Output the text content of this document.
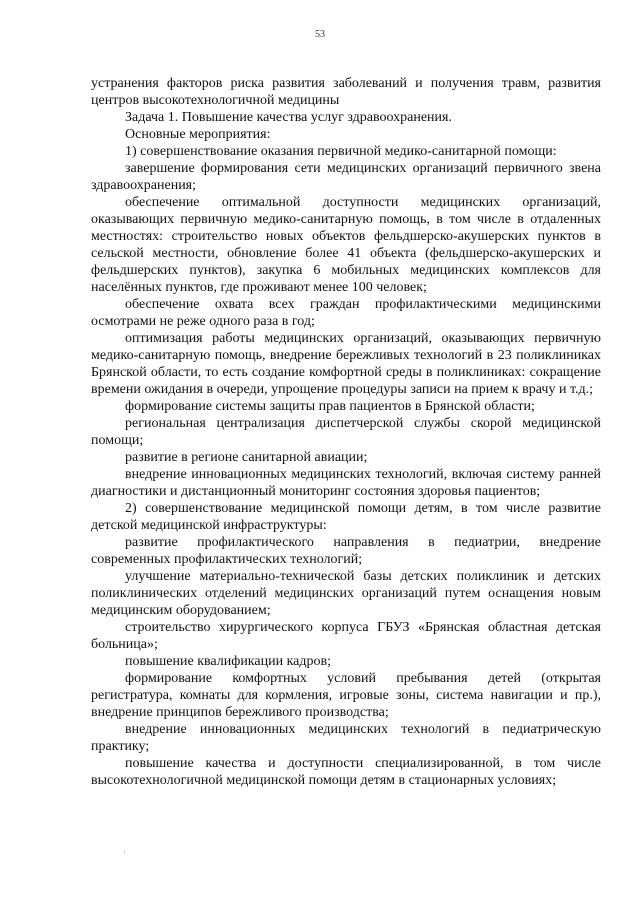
53

устранения факторов риска развития заболеваний и получения травм, развития центров высокотехнологичной медицины

Задача 1. Повышение качества услуг здравоохранения.

Основные мероприятия:

1) совершенствование оказания первичной медико-санитарной помощи:

завершение формирования сети медицинских организаций первичного звена здравоохранения;

обеспечение оптимальной доступности медицинских организаций, оказывающих первичную медико-санитарную помощь, в том числе в отдаленных местностях: строительство новых объектов фельдшерско-акушерских пунктов в сельской местности, обновление более 41 объекта (фельдшерско-акушерских и фельдшерских пунктов), закупка 6 мобильных медицинских комплексов для населённых пунктов, где проживают менее 100 человек;

обеспечение охвата всех граждан профилактическими медицинскими осмотрами не реже одного раза в год;

оптимизация работы медицинских организаций, оказывающих первичную медико-санитарную помощь, внедрение бережливых технологий в 23 поликлиниках Брянской области, то есть создание комфортной среды в поликлиниках: сокращение времени ожидания в очереди, упрощение процедуры записи на прием к врачу и т.д.;

формирование системы защиты прав пациентов в Брянской области;

региональная централизация диспетчерской службы скорой медицинской помощи;

развитие в регионе санитарной авиации;

внедрение инновационных медицинских технологий, включая систему ранней диагностики и дистанционный мониторинг состояния здоровья пациентов;

2) совершенствование медицинской помощи детям, в том числе развитие детской медицинской инфраструктуры:

развитие профилактического направления в педиатрии, внедрение современных профилактических технологий;

улучшение материально-технической базы детских поликлиник и детских поликлинических отделений медицинских организаций путем оснащения новым медицинским оборудованием;

строительство хирургического корпуса ГБУЗ «Брянская областная детская больница»;

повышение квалификации кадров;

формирование комфортных условий пребывания детей (открытая регистратура, комнаты для кормления, игровые зоны, система навигации и пр.), внедрение принципов бережливого производства;

внедрение инновационных медицинских технологий в педиатрическую практику;

повышение качества и доступности специализированной, в том числе высокотехнологичной медицинской помощи детям в стационарных условиях;
